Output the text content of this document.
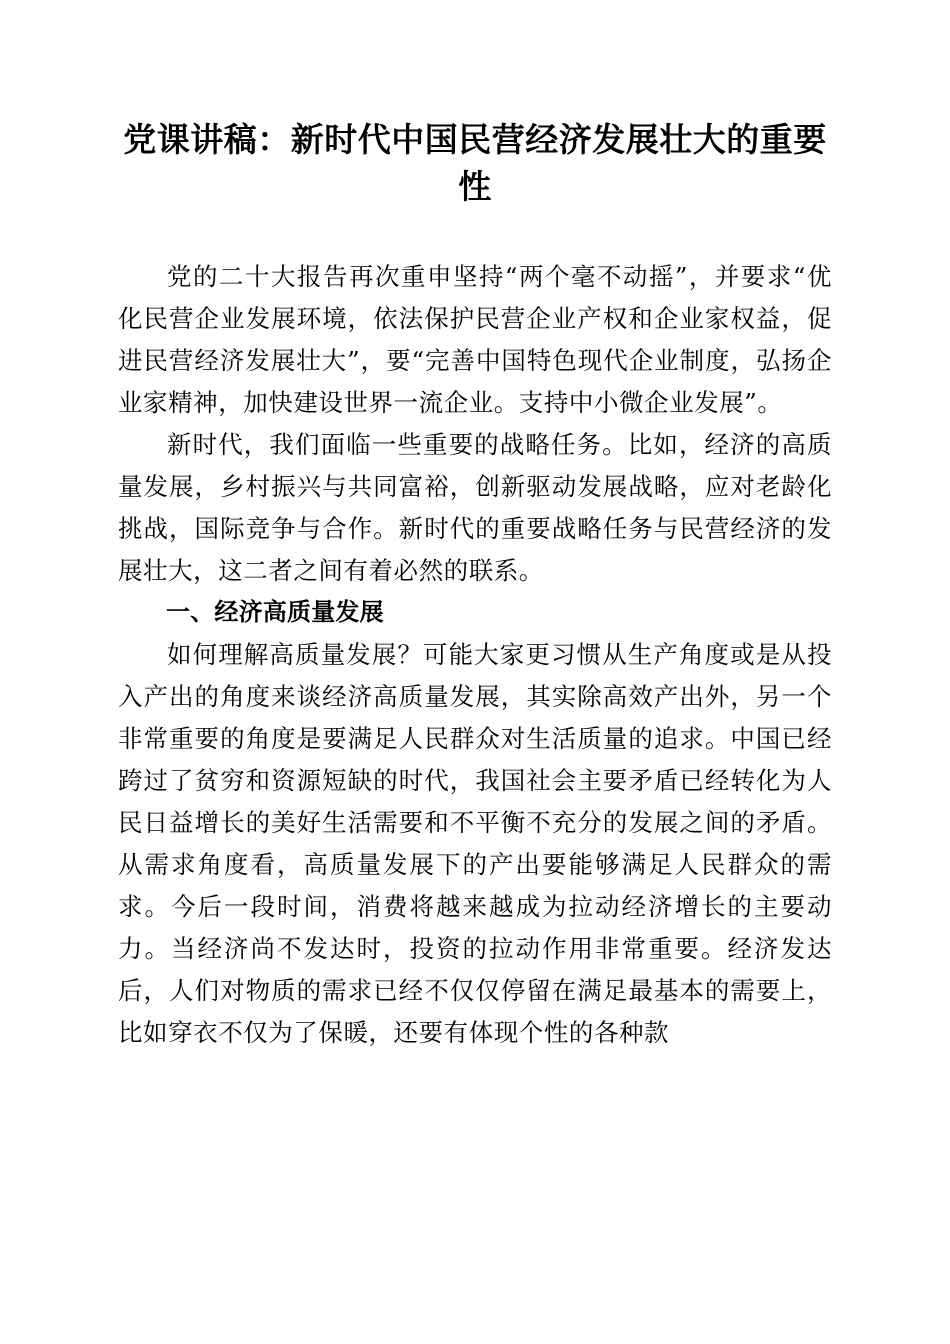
党课讲稿：新时代中国民营经济发展壮大的重要性

党的二十大报告再次重申坚持“两个毫不动摇”，并要求“优化民营企业发展环境，依法保护民营企业产权和企业家权益，促进民营经济发展壮大”，要“完善中国特色现代企业制度，弘扬企业家精神，加快建设世界一流企业。支持中小微企业发展”。

新时代，我们面临一些重要的战略任务。比如，经济的高质量发展，乡村振兴与共同富裕，创新驱动发展战略，应对老龄化挑战，国际竞争与合作。新时代的重要战略任务与民营经济的发展壮大，这二者之间有着必然的联系。

一、经济高质量发展

如何理解高质量发展？可能大家更习惯从生产角度或是从投入产出的角度来谈经济高质量发展，其实除高效产出外，另一个非常重要的角度是要满足人民群众对生活质量的追求。中国已经跨过了贫穷和资源短缺的时代，我国社会主要矛盾已经转化为人民日益增长的美好生活需要和不平衡不充分的发展之间的矛盾。从需求角度看，高质量发展下的产出要能够满足人民群众的需求。今后一段时间，消费将越来越成为拉动经济增长的主要动力。当经济尚不发达时，投资的拉动作用非常重要。经济发达后，人们对物质的需求已经不仅仅停留在满足最基本的需要上，比如穿衣不仅为了保暖，还要有体现个性的各种款
